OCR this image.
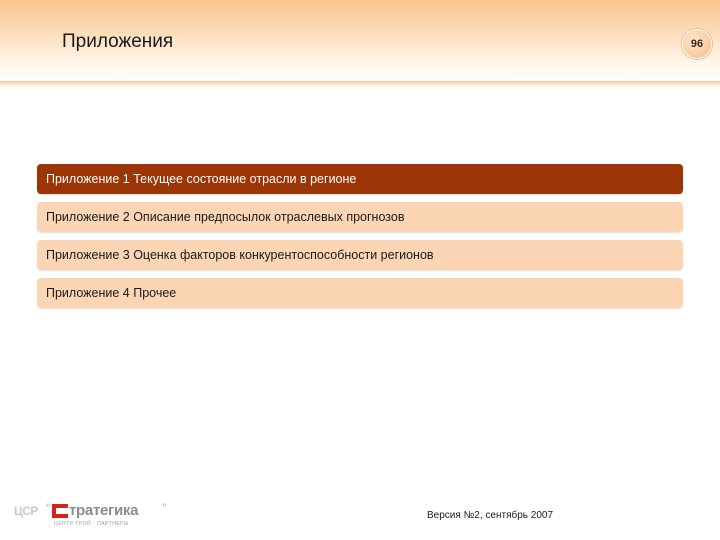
Приложения	96
Приложение 1 Текущее состояние отрасли в регионе
Приложение 2 Описание предпосылок отраслевых прогнозов
Приложение 3 Оценка факторов конкурентоспособности регионов
Приложение 4 Прочее
ЦСР “ тратегика ”
ЦЕНТР ТРОЙ · ПАРТНЕРЫ
Версия №2, сентябрь 2007
